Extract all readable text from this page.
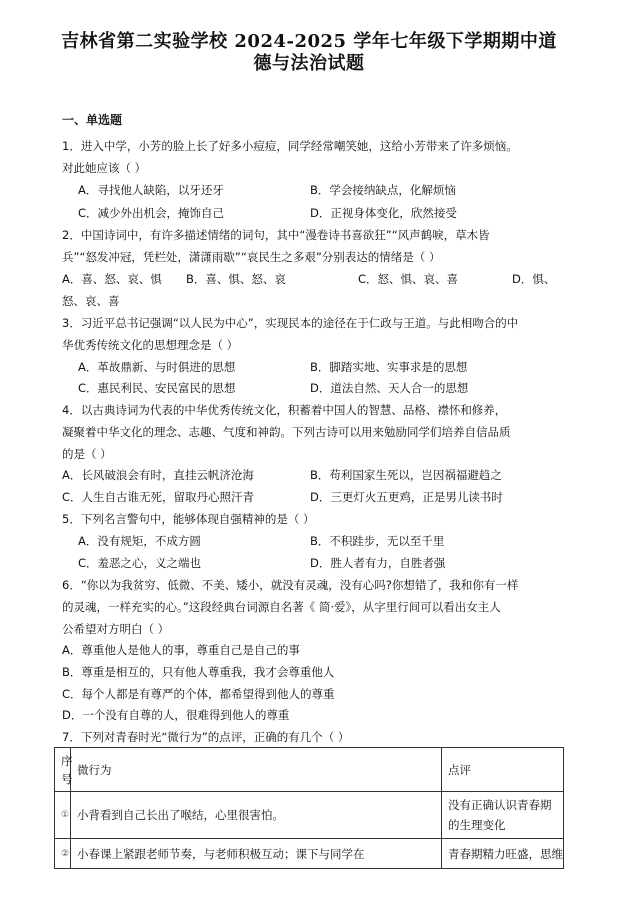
吉林省第二实验学校 2024-2025 学年七年级下学期期中道
德与法治试题
一、单选题
1．进入中学，小芳的脸上长了好多小痘痘，同学经常嘲笑她，这给小芳带来了许多烦恼。
对此她应该（ ）
A．寻找他人缺陷，以牙还牙	B．学会接纳缺点，化解烦恼
C．减少外出机会，掩饰自己	D．正视身体变化，欣然接受
2．中国诗词中，有许多描述情绪的词句，其中“漫卷诗书喜欲狂”“风声鹤唳，草木皆
兵”“怒发冲冠，凭栏处，潇潇雨歇”“哀民生之多艰”分别表达的情绪是（ ）
A．喜、怒、哀、惧 B．喜、惧、怒、哀	C．怒、惧、哀、喜	D．惧、
怒、哀、喜
3．习近平总书记强调“以人民为中心”，实现民本的途径在于仁政与王道。与此相吻合的中
华优秀传统文化的思想理念是（ ）
A．革故鼎新、与时俱进的思想	B．脚踏实地、实事求是的思想
C．惠民利民、安民富民的思想	D．道法自然、天人合一的思想
4．以古典诗词为代表的中华优秀传统文化，积蓄着中国人的智慧、品格、襟怀和修养，
凝聚着中华文化的理念、志趣、气度和神韵。下列古诗可以用来勉励同学们培养自信品质
的是（ ）
A．长风破浪会有时，直挂云帆济沧海	B．苟利国家生死以，岂因祸福避趋之
C．人生自古谁无死，留取丹心照汗青	D．三更灯火五更鸡，正是男儿读书时
5．下列名言警句中，能够体现自强精神的是（ ）
A．没有规矩，不成方圆	B．不积跬步，无以至千里
C．羞恶之心，义之端也	D．胜人者有力，自胜者强
6．“你以为我贫穷、低微、不美、矮小，就没有灵魂，没有心吗?你想错了，我和你有一样
的灵魂，一样充实的心。”这段经典台词源自名著《 简·爱》，从字里行间可以看出女主人
公希望对方明白（ ）
A．尊重他人是他人的事，尊重自己是自己的事
B．尊重是相互的，只有他人尊重我，我才会尊重他人
C．每个人都是有尊严的个体，都希望得到他人的尊重
D．一个没有自尊的人，很难得到他人的尊重
7．下列对青春时光“微行为”的点评，正确的有几个（ ）
序号	微行为	点评
①	小背看到自己长出了喉结，心里很害怕。	没有正确认识青春期的生理变化
②	小春课上紧跟老师节奏，与老师积极互动；课下与同学在	青春期精力旺盛，思维
